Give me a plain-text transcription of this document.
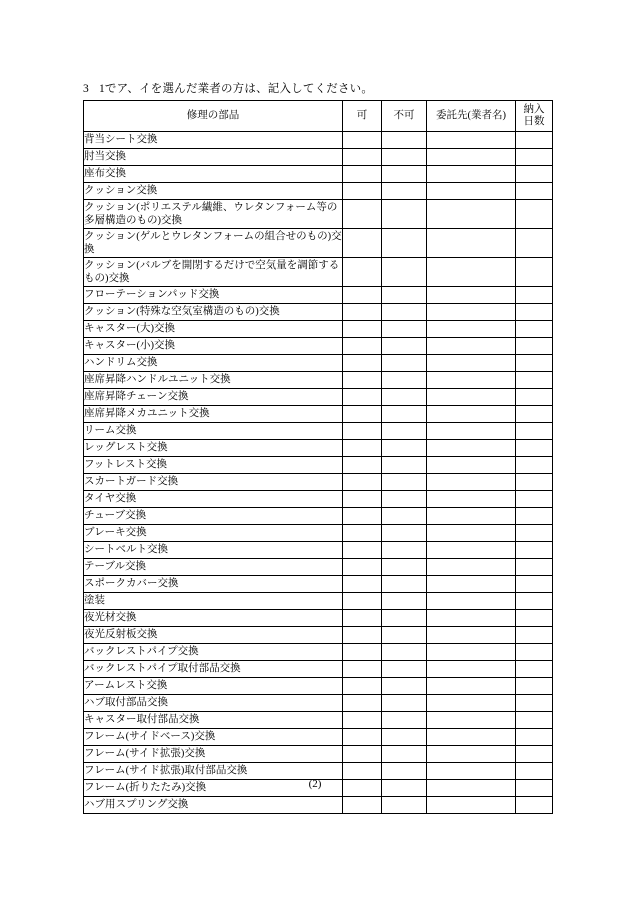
3 1でア、イを選んだ業者の方は、記入してください。
修理の部品	可	不可	委託先(業者名)	納入
日数

背当シート交換				
肘当交換				
座布交換				
クッション交換				
クッション(ポリエステル繊維、ウレタンフォーム等の多層構造のもの)交換				
クッション(ゲルとウレタンフォームの組合せのもの)交換				
クッション(バルブを開閉するだけで空気量を調節するもの)交換				
フローテーションパッド交換				
クッション(特殊な空気室構造のもの)交換				
キャスター(大)交換				
キャスター(小)交換				
ハンドリム交換				
座席昇降ハンドルユニット交換				
座席昇降チェーン交換				
座席昇降メカユニット交換				
リーム交換				
レッグレスト交換				
フットレスト交換				
スカートガード交換				
タイヤ交換				
チューブ交換				
ブレーキ交換				
シートベルト交換				
テーブル交換				
スポークカバー交換				
塗装				
夜光材交換				
夜光反射板交換				
バックレストパイプ交換				
バックレストパイプ取付部品交換				
アームレスト交換				
ハブ取付部品交換				
キャスター取付部品交換				
フレーム(サイドベース)交換				
フレーム(サイド拡張)交換				
フレーム(サイド拡張)取付部品交換				
フレーム(折りたたみ)交換				
ハブ用スプリング交換				
(2)
